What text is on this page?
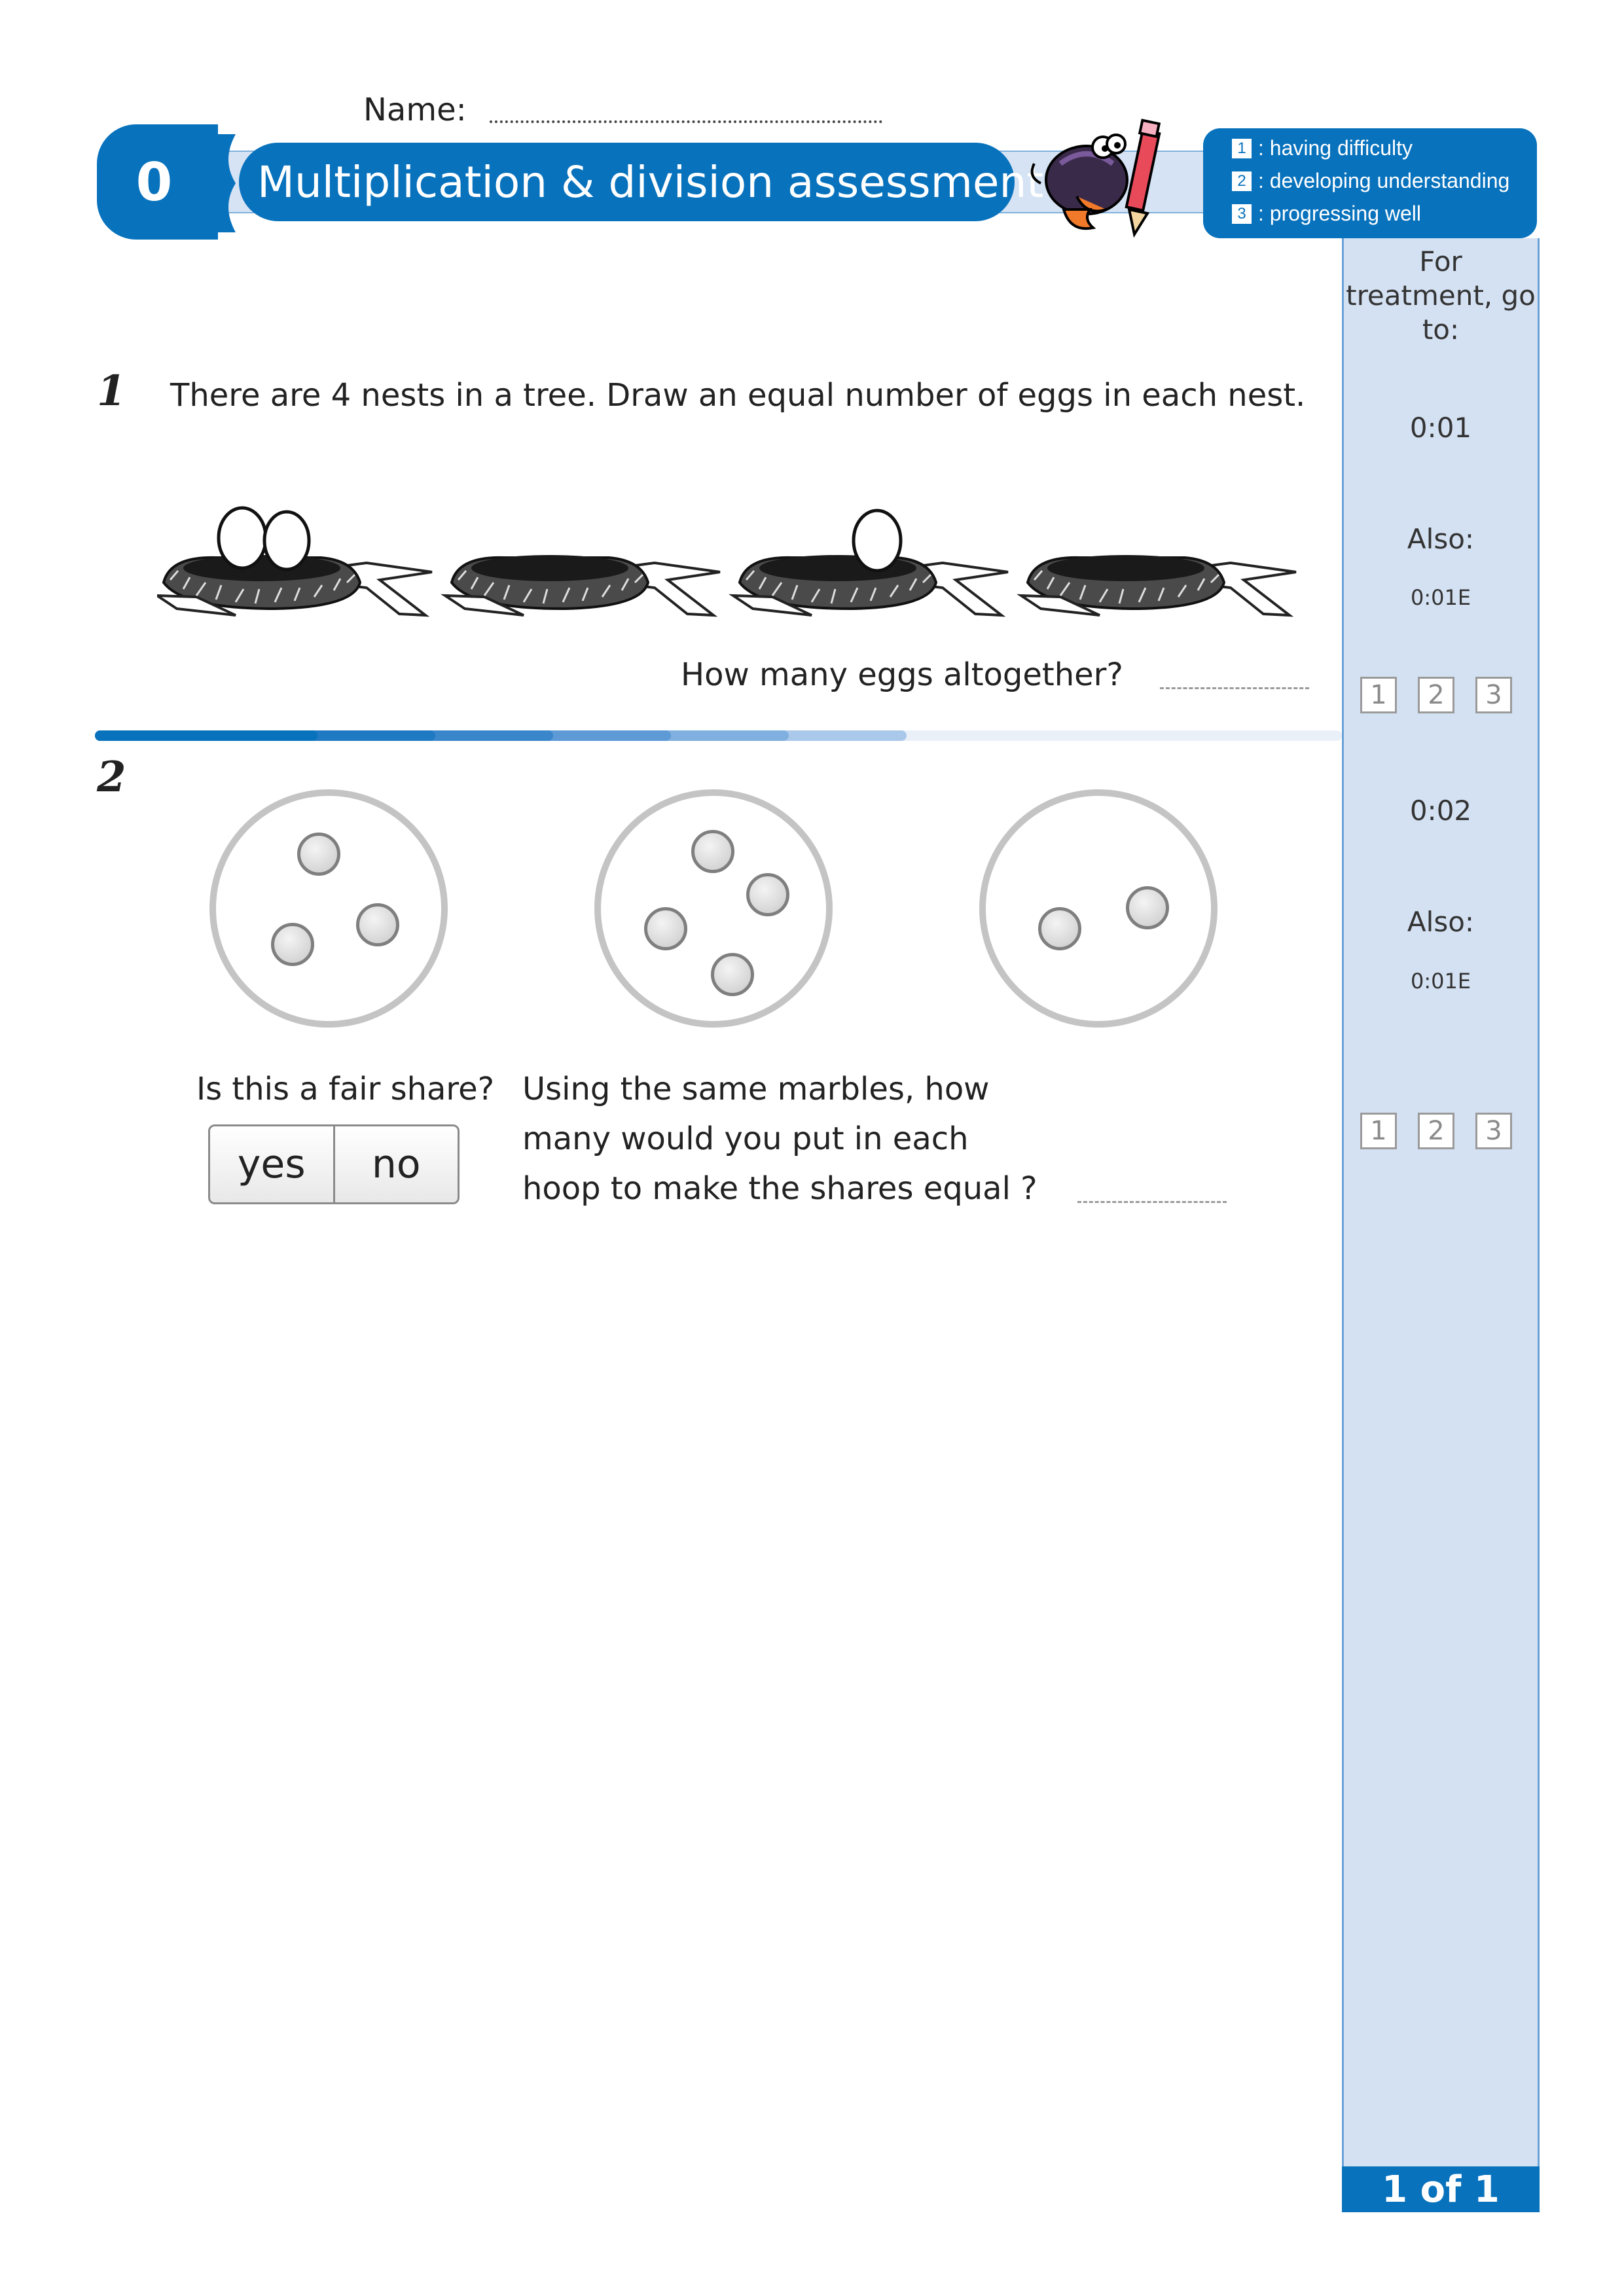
Name:
0	Multiplication & division assessment
1 : having difficulty
2 : developing understanding
3 : progressing well
For treatment, go to:
0:01
Also:
0:01E
1	2	3
0:02
Also:
0:01E
1	2	3
1 of 1
1 There are 4 nests in a tree. Draw an equal number of eggs in each nest.
How many eggs altogether?
2
Is this a fair share?
yes	no
Using the same marbles, how
many would you put in each
hoop to make the shares equal ?
